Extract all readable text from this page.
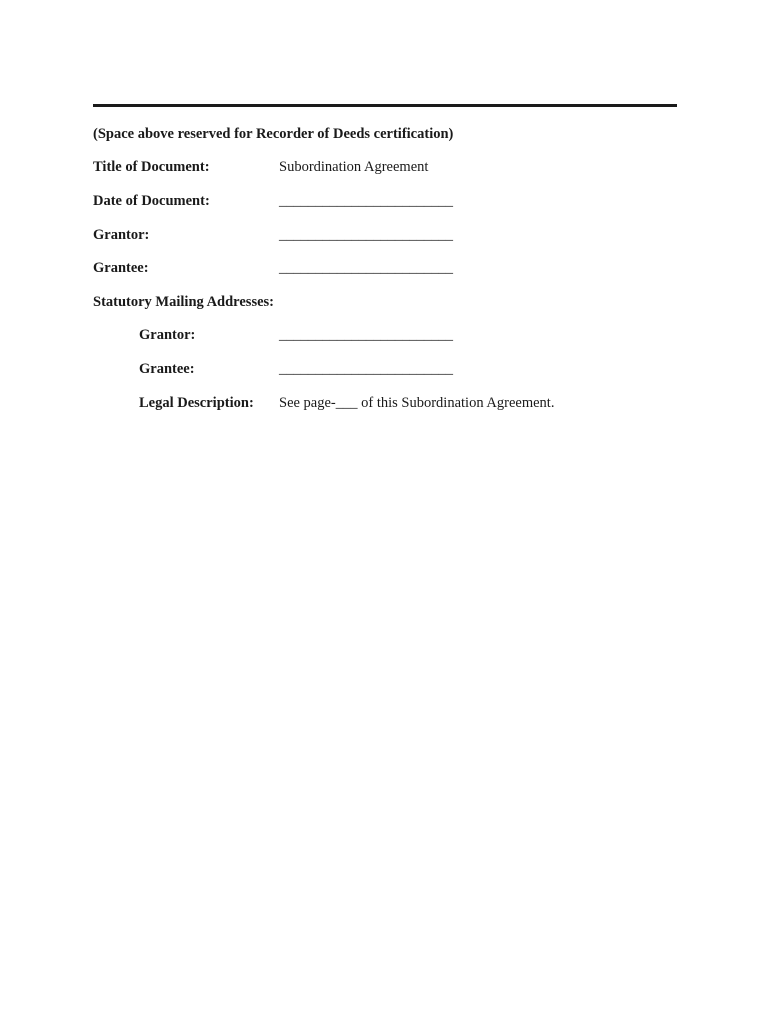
(Space above reserved for Recorder of Deeds certification)
Title of Document:	Subordination Agreement
Date of Document:	________________________
Grantor:	________________________
Grantee:	________________________
Statutory Mailing Addresses:
Grantor:	________________________
Grantee:	________________________
Legal Description: See page-___ of this Subordination Agreement.
